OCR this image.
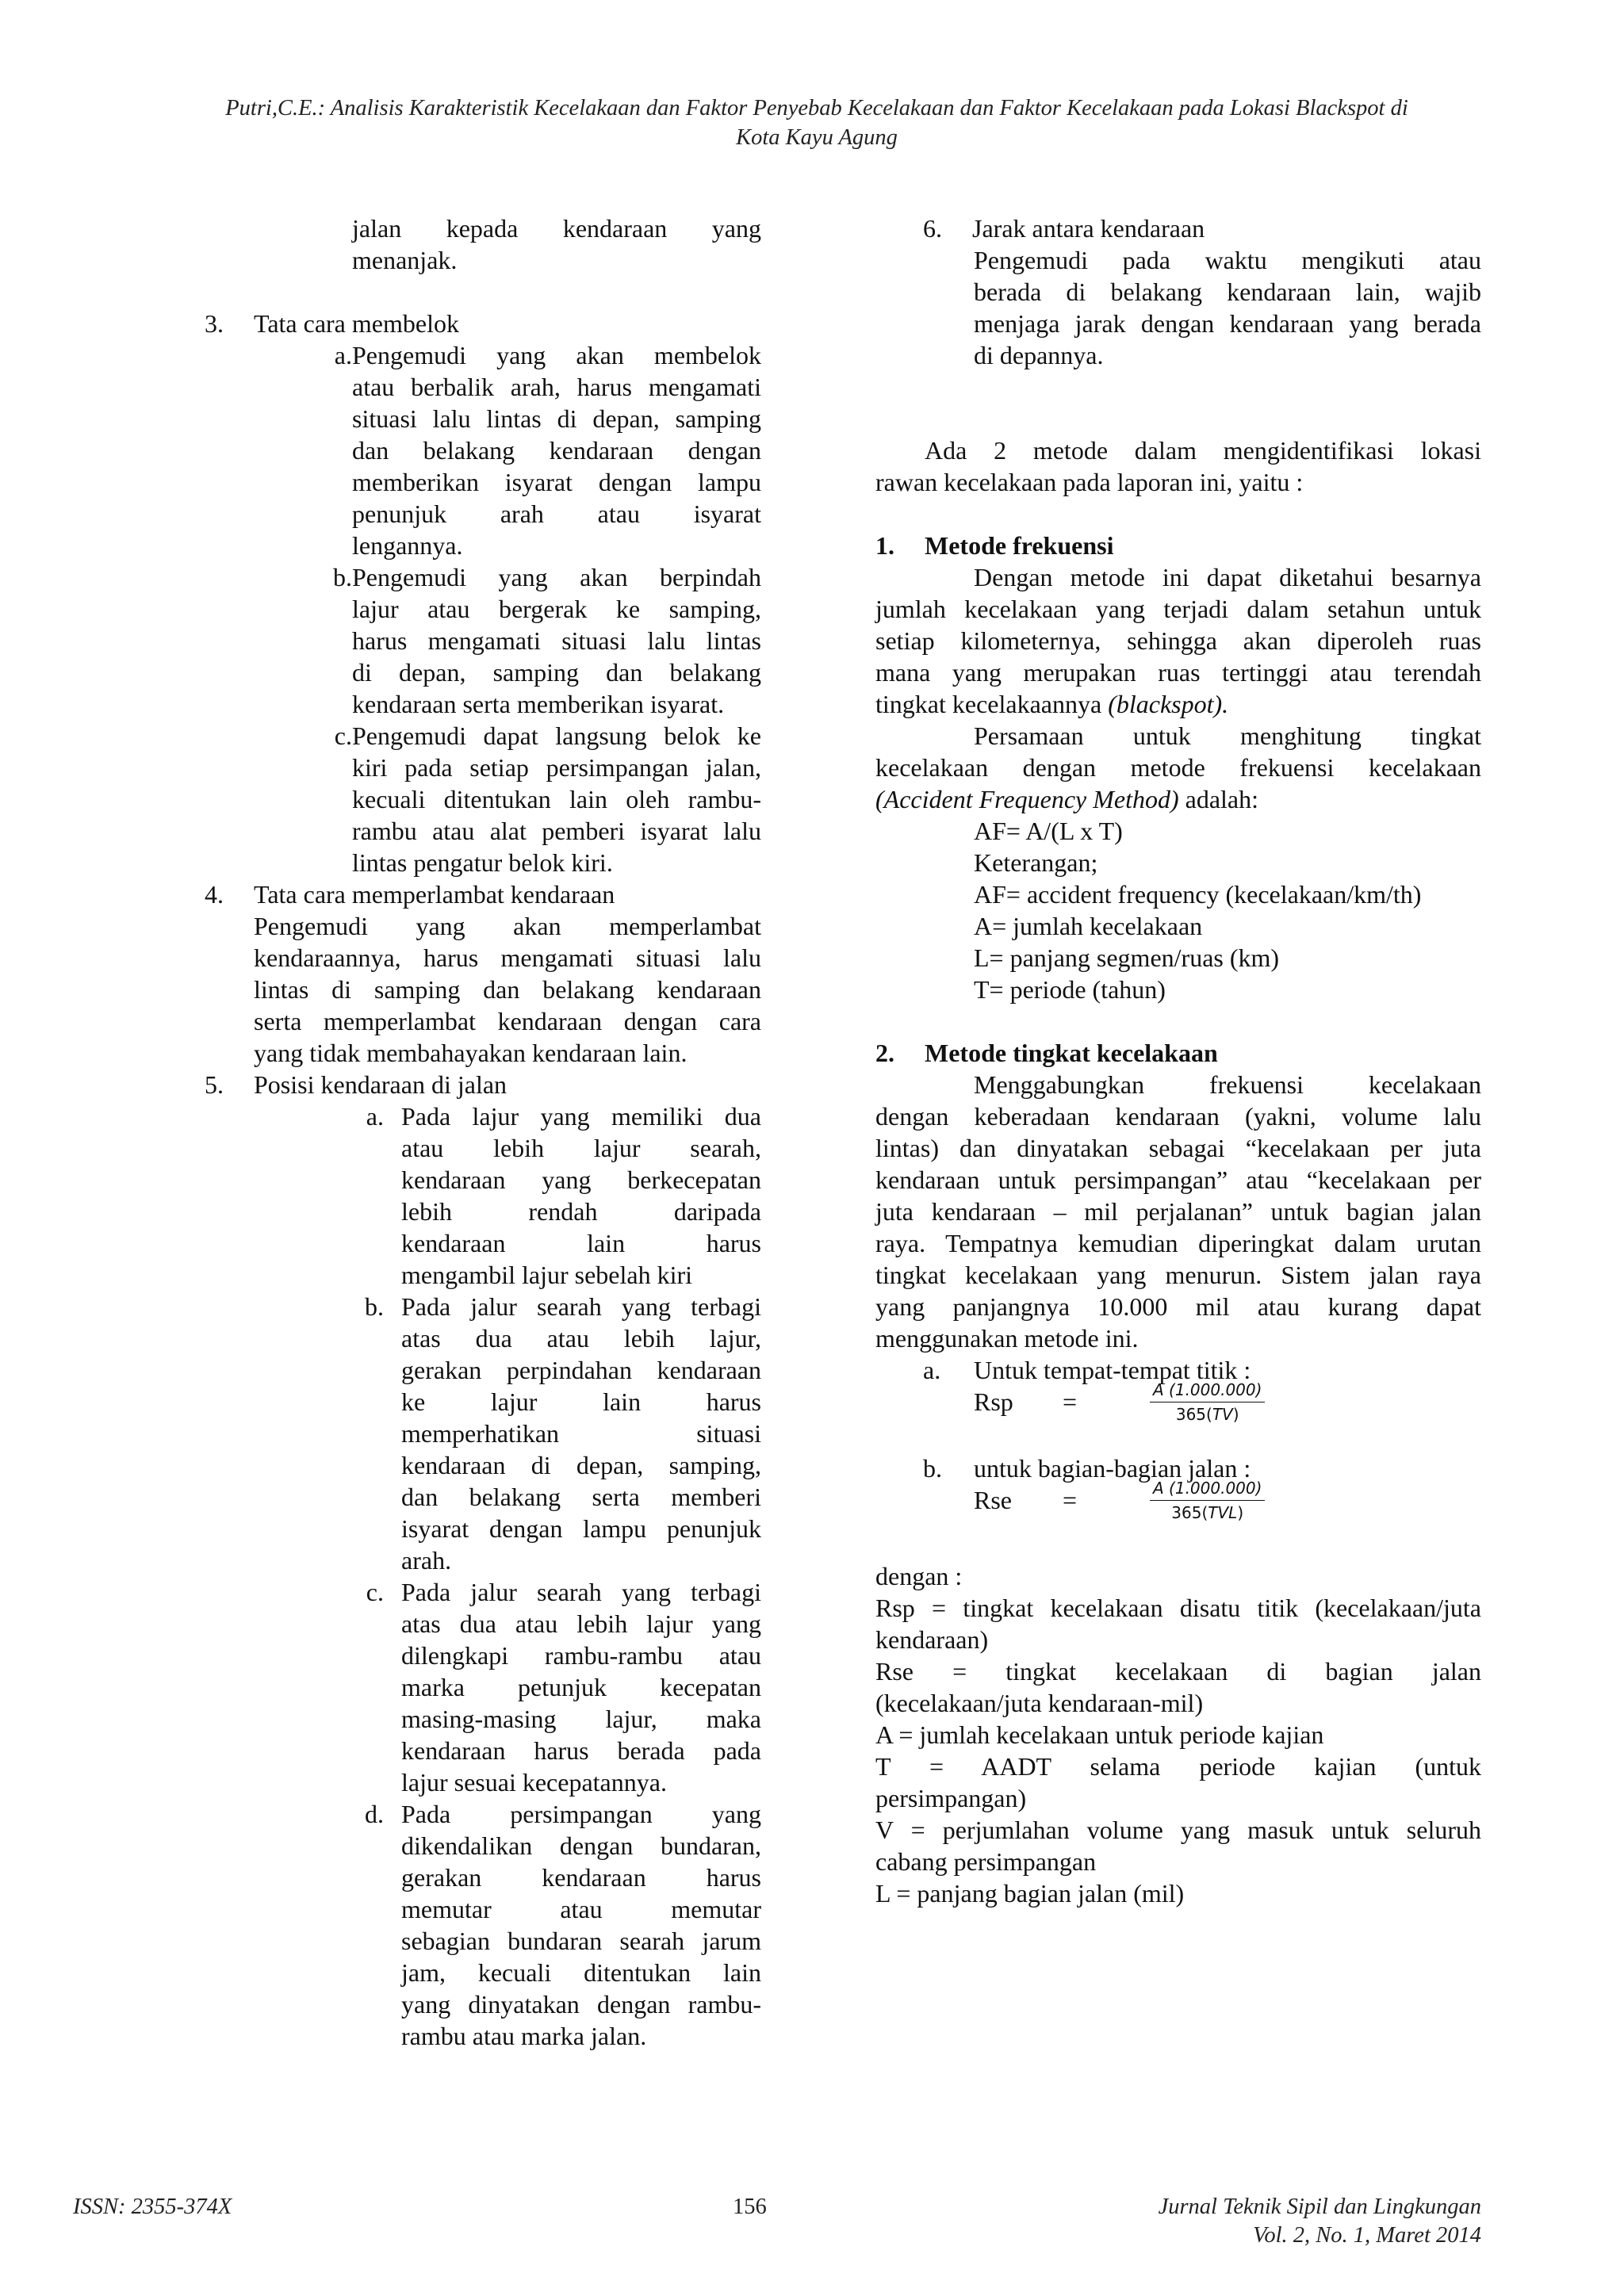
Putri,C.E.: Analisis Karakteristik Kecelakaan dan Faktor Penyebab Kecelakaan dan Faktor Kecelakaan pada Lokasi Blackspot di
Kota Kayu Agung

jalan kepada kendaraan yang

menanjak.

3.	Tata cara membelok
a. Pengemudi yang akan membelok

atau berbalik arah, harus mengamati

situasi lalu lintas di depan, samping

dan belakang kendaraan dengan

memberikan isyarat dengan lampu

penunjuk arah atau isyarat

lengannya.

b. Pengemudi yang akan berpindah

lajur atau bergerak ke samping,

harus mengamati situasi lalu lintas

di depan, samping dan belakang

kendaraan serta memberikan isyarat.

c. Pengemudi dapat langsung belok ke

kiri pada setiap persimpangan jalan,

kecuali ditentukan lain oleh rambu-

rambu atau alat pemberi isyarat lalu

lintas pengatur belok kiri.

4.	Tata cara memperlambat kendaraan

Pengemudi yang akan memperlambat

kendaraannya, harus mengamati situasi lalu

lintas di samping dan belakang kendaraan

serta memperlambat kendaraan dengan cara

yang tidak membahayakan kendaraan lain.

5.	Posisi kendaraan di jalan
a. Pada lajur yang memiliki dua

atau lebih lajur searah,

kendaraan yang berkecepatan

lebih rendah daripada

kendaraan lain harus

mengambil lajur sebelah kiri

b. Pada jalur searah yang terbagi

atas dua atau lebih lajur,

gerakan perpindahan kendaraan

ke lajur lain harus

memperhatikan situasi

kendaraan di depan, samping,

dan belakang serta memberi

isyarat dengan lampu penunjuk

arah.

c. Pada jalur searah yang terbagi

atas dua atau lebih lajur yang

dilengkapi rambu-rambu atau

marka petunjuk kecepatan

masing-masing lajur, maka

kendaraan harus berada pada

lajur sesuai kecepatannya.

d. Pada persimpangan yang

dikendalikan dengan bundaran,

gerakan kendaraan harus

memutar atau memutar

sebagian bundaran searah jarum

jam, kecuali ditentukan lain

yang dinyatakan dengan rambu-

rambu atau marka jalan.

6.	Jarak antara kendaraan

Pengemudi pada waktu mengikuti atau

berada di belakang kendaraan lain, wajib

menjaga jarak dengan kendaraan yang berada

di depannya.

Ada 2 metode dalam mengidentifikasi lokasi

rawan kecelakaan pada laporan ini, yaitu :

1.	Metode frekuensi

Dengan metode ini dapat diketahui besarnya

jumlah kecelakaan yang terjadi dalam setahun untuk

setiap kilometernya, sehingga akan diperoleh ruas

mana yang merupakan ruas tertinggi atau terendah

tingkat kecelakaannya (blackspot).

Persamaan untuk menghitung tingkat

kecelakaan dengan metode frekuensi kecelakaan

(Accident Frequency Method) adalah:

AF= A/(L x T)

Keterangan;

AF= accident frequency (kecelakaan/km/th)

A= jumlah kecelakaan

L= panjang segmen/ruas (km)

T= periode (tahun)

2.	Metode tingkat kecelakaan

Menggabungkan frekuensi kecelakaan

dengan keberadaan kendaraan (yakni, volume lalu

lintas) dan dinyatakan sebagai “kecelakaan per juta

kendaraan untuk persimpangan” atau “kecelakaan per

juta kendaraan – mil perjalanan” untuk bagian jalan

raya. Tempatnya kemudian diperingkat dalam urutan

tingkat kecelakaan yang menurun. Sistem jalan raya

yang panjangnya 10.000 mil atau kurang dapat

menggunakan metode ini.

a.	Untuk tempat-tempat titik :
Rsp	=	$\frac{A (1.000.000)}{365(TV)}$
b.	untuk bagian-bagian jalan :
Rse	=	$\frac{A (1.000.000)}{\text{365(TVL)}}$

dengan :

Rsp = tingkat kecelakaan disatu titik (kecelakaan/juta

kendaraan)

Rse = tingkat kecelakaan di bagian jalan

(kecelakaan/juta kendaraan-mil)

A = jumlah kecelakaan untuk periode kajian

T = AADT selama periode kajian (untuk

persimpangan)

V = perjumlahan volume yang masuk untuk seluruh

cabang persimpangan

L = panjang bagian jalan (mil)

ISSN: 2355-374X	156	Jurnal Teknik Sipil dan Lingkungan
Vol. 2, No. 1, Maret 2014
